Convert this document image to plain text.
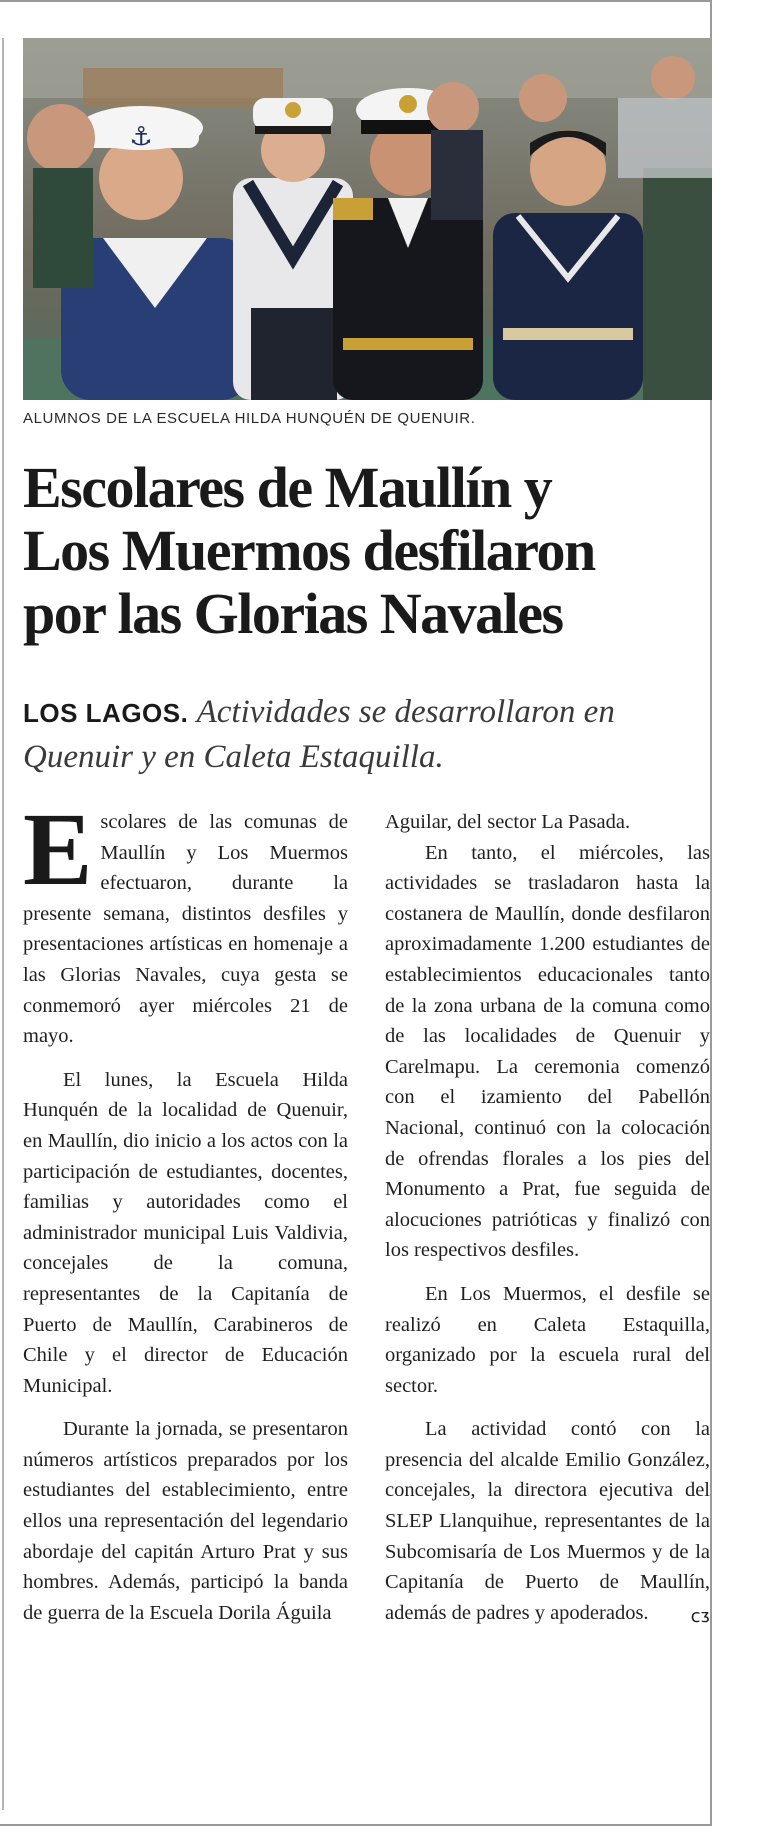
⚓
ALUMNOS DE LA ESCUELA HILDA HUNQUÉN DE QUENUIR.
Escolares de Maullín y
Los Muermos desfilaron
por las Glorias Navales

LOS LAGOS. Actividades se desarrollaron en Quenuir y en Caleta Estaquilla.

Escolares de las comunas de Maullín y Los Muermos efectuaron, durante la presente semana, distintos desfiles y presentaciones artísticas en homenaje a las Glorias Navales, cuya gesta se conmemoró ayer miércoles 21 de mayo.

El lunes, la Escuela Hilda Hunquén de la localidad de Quenuir, en Maullín, dio inicio a los actos con la participación de estudiantes, docentes, familias y autoridades como el administrador municipal Luis Valdivia, concejales de la comuna, representantes de la Capitanía de Puerto de Maullín, Carabineros de Chile y el director de Educación Municipal.

Durante la jornada, se presentaron números artísticos preparados por los estudiantes del establecimiento, entre ellos una representación del legendario abordaje del capitán Arturo Prat y sus hombres. Además, participó la banda de guerra de la Escuela Dorila Águila

Aguilar, del sector La Pasada.

En tanto, el miércoles, las actividades se trasladaron hasta la costanera de Maullín, donde desfilaron aproximadamente 1.200 estudiantes de establecimientos educacionales tanto de la zona urbana de la comuna como de las localidades de Quenuir y Carelmapu. La ceremonia comenzó con el izamiento del Pabellón Nacional, continuó con la colocación de ofrendas florales a los pies del Monumento a Prat, fue seguida de alocuciones patrióticas y finalizó con los respectivos desfiles.

En Los Muermos, el desfile se realizó en Caleta Estaquilla, organizado por la escuela rural del sector.

La actividad contó con la presencia del alcalde Emilio González, concejales, la directora ejecutiva del SLEP Llanquihue, representantes de la Subcomisaría de Los Muermos y de la Capitanía de Puerto de Maullín, además de padres y apoderados.	ᴄᴣ
